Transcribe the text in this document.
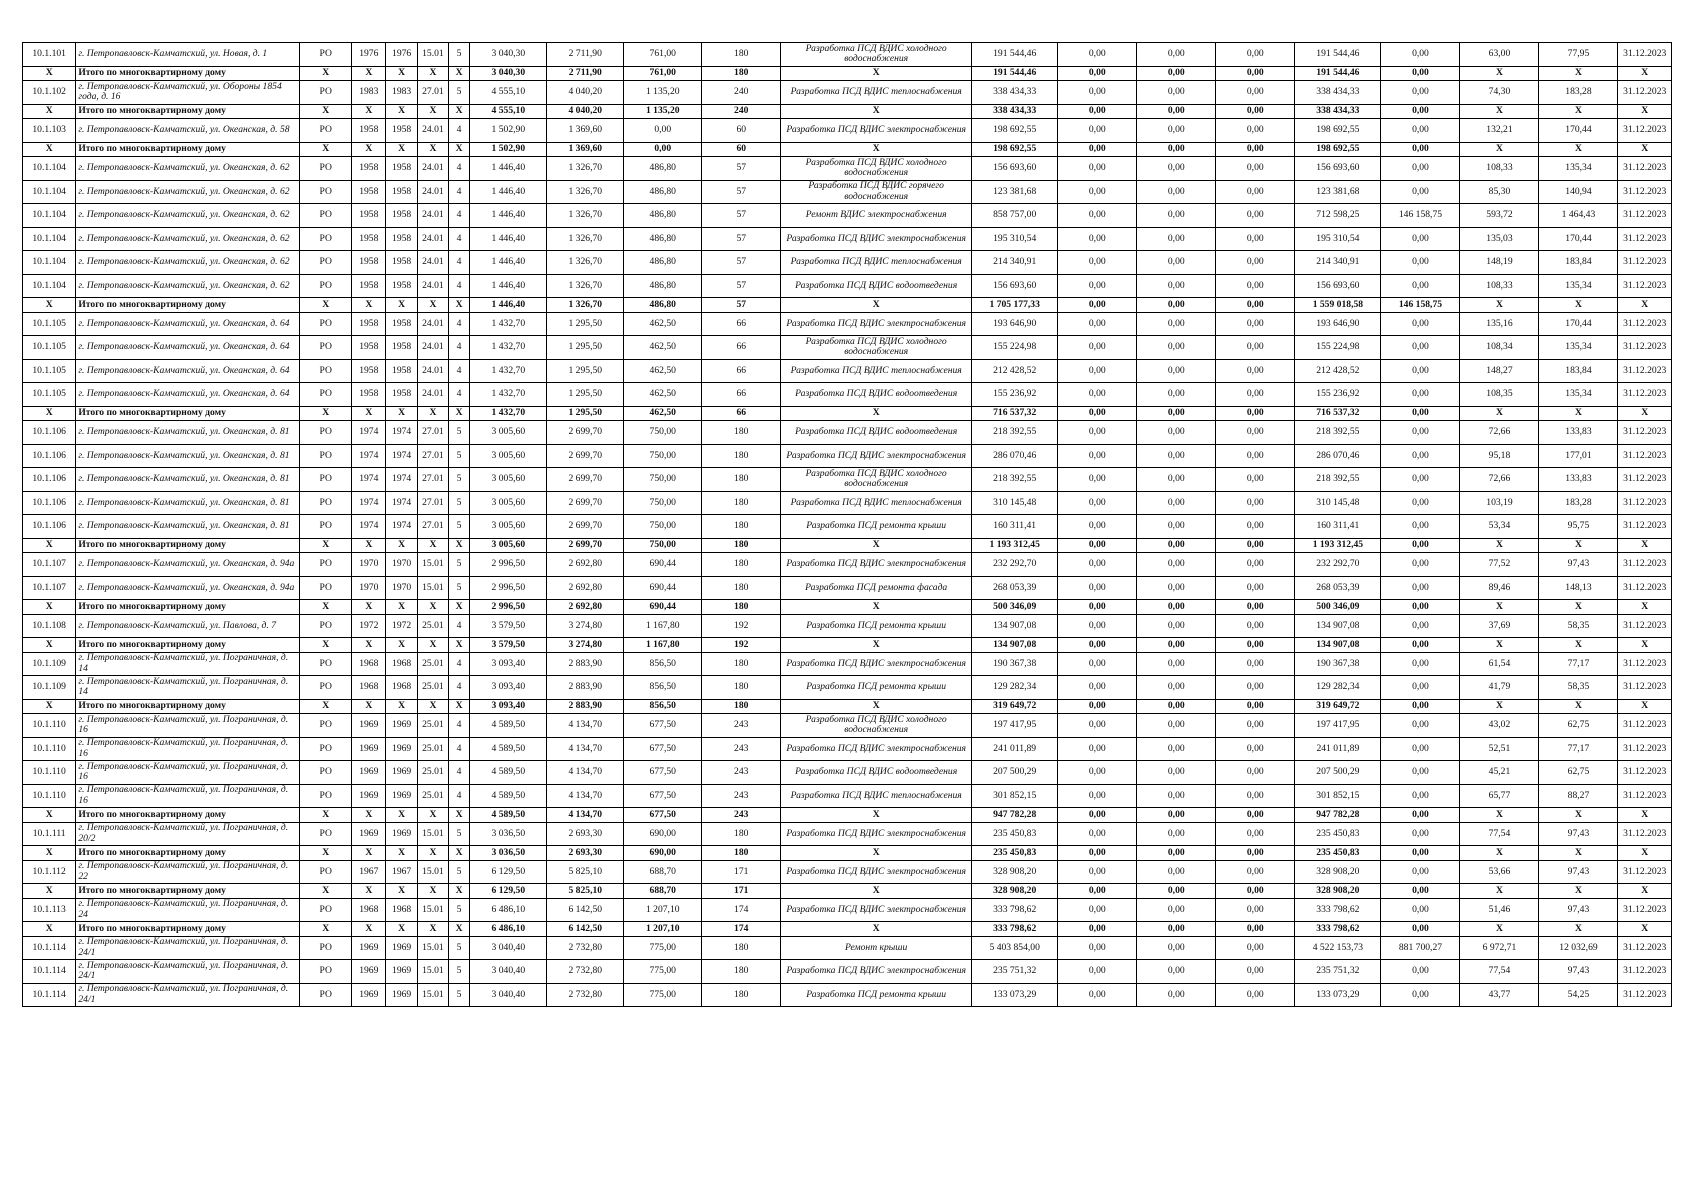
10.1.101	г. Петропавловск-Камчатский, ул. Новая, д. 1	РО	1976	1976	15.01	5	3 040,30	2 711,90	761,00	180	Разработка ПСД ВДИС холодного водоснабжения	191 544,46	0,00	0,00	0,00	191 544,46	0,00	63,00	77,95	31.12.2023
X	Итого по многоквартирному дому	X	X	X	X	X	3 040,30	2 711,90	761,00	180	X	191 544,46	0,00	0,00	0,00	191 544,46	0,00	X	X	X
10.1.102	г. Петропавловск-Камчатский, ул. Обороны 1854 года, д. 16	РО	1983	1983	27.01	5	4 555,10	4 040,20	1 135,20	240	Разработка ПСД ВДИС теплоснабжения	338 434,33	0,00	0,00	0,00	338 434,33	0,00	74,30	183,28	31.12.2023
X	Итого по многоквартирному дому	X	X	X	X	X	4 555,10	4 040,20	1 135,20	240	X	338 434,33	0,00	0,00	0,00	338 434,33	0,00	X	X	X
10.1.103	г. Петропавловск-Камчатский, ул. Океанская, д. 58	РО	1958	1958	24.01	4	1 502,90	1 369,60	0,00	60	Разработка ПСД ВДИС электроснабжения	198 692,55	0,00	0,00	0,00	198 692,55	0,00	132,21	170,44	31.12.2023
X	Итого по многоквартирному дому	X	X	X	X	X	1 502,90	1 369,60	0,00	60	X	198 692,55	0,00	0,00	0,00	198 692,55	0,00	X	X	X
10.1.104	г. Петропавловск-Камчатский, ул. Океанская, д. 62	РО	1958	1958	24.01	4	1 446,40	1 326,70	486,80	57	Разработка ПСД ВДИС холодного водоснабжения	156 693,60	0,00	0,00	0,00	156 693,60	0,00	108,33	135,34	31.12.2023
10.1.104	г. Петропавловск-Камчатский, ул. Океанская, д. 62	РО	1958	1958	24.01	4	1 446,40	1 326,70	486,80	57	Разработка ПСД ВДИС горячего водоснабжения	123 381,68	0,00	0,00	0,00	123 381,68	0,00	85,30	140,94	31.12.2023
10.1.104	г. Петропавловск-Камчатский, ул. Океанская, д. 62	РО	1958	1958	24.01	4	1 446,40	1 326,70	486,80	57	Ремонт ВДИС электроснабжения	858 757,00	0,00	0,00	0,00	712 598,25	146 158,75	593,72	1 464,43	31.12.2023
10.1.104	г. Петропавловск-Камчатский, ул. Океанская, д. 62	РО	1958	1958	24.01	4	1 446,40	1 326,70	486,80	57	Разработка ПСД ВДИС электроснабжения	195 310,54	0,00	0,00	0,00	195 310,54	0,00	135,03	170,44	31.12.2023
10.1.104	г. Петропавловск-Камчатский, ул. Океанская, д. 62	РО	1958	1958	24.01	4	1 446,40	1 326,70	486,80	57	Разработка ПСД ВДИС теплоснабжения	214 340,91	0,00	0,00	0,00	214 340,91	0,00	148,19	183,84	31.12.2023
10.1.104	г. Петропавловск-Камчатский, ул. Океанская, д. 62	РО	1958	1958	24.01	4	1 446,40	1 326,70	486,80	57	Разработка ПСД ВДИС водоотведения	156 693,60	0,00	0,00	0,00	156 693,60	0,00	108,33	135,34	31.12.2023
X	Итого по многоквартирному дому	X	X	X	X	X	1 446,40	1 326,70	486,80	57	X	1 705 177,33	0,00	0,00	0,00	1 559 018,58	146 158,75	X	X	X
10.1.105	г. Петропавловск-Камчатский, ул. Океанская, д. 64	РО	1958	1958	24.01	4	1 432,70	1 295,50	462,50	66	Разработка ПСД ВДИС электроснабжения	193 646,90	0,00	0,00	0,00	193 646,90	0,00	135,16	170,44	31.12.2023
10.1.105	г. Петропавловск-Камчатский, ул. Океанская, д. 64	РО	1958	1958	24.01	4	1 432,70	1 295,50	462,50	66	Разработка ПСД ВДИС холодного водоснабжения	155 224,98	0,00	0,00	0,00	155 224,98	0,00	108,34	135,34	31.12.2023
10.1.105	г. Петропавловск-Камчатский, ул. Океанская, д. 64	РО	1958	1958	24.01	4	1 432,70	1 295,50	462,50	66	Разработка ПСД ВДИС теплоснабжения	212 428,52	0,00	0,00	0,00	212 428,52	0,00	148,27	183,84	31.12.2023
10.1.105	г. Петропавловск-Камчатский, ул. Океанская, д. 64	РО	1958	1958	24.01	4	1 432,70	1 295,50	462,50	66	Разработка ПСД ВДИС водоотведения	155 236,92	0,00	0,00	0,00	155 236,92	0,00	108,35	135,34	31.12.2023
X	Итого по многоквартирному дому	X	X	X	X	X	1 432,70	1 295,50	462,50	66	X	716 537,32	0,00	0,00	0,00	716 537,32	0,00	X	X	X
10.1.106	г. Петропавловск-Камчатский, ул. Океанская, д. 81	РО	1974	1974	27.01	5	3 005,60	2 699,70	750,00	180	Разработка ПСД ВДИС водоотведения	218 392,55	0,00	0,00	0,00	218 392,55	0,00	72,66	133,83	31.12.2023
10.1.106	г. Петропавловск-Камчатский, ул. Океанская, д. 81	РО	1974	1974	27.01	5	3 005,60	2 699,70	750,00	180	Разработка ПСД ВДИС электроснабжения	286 070,46	0,00	0,00	0,00	286 070,46	0,00	95,18	177,01	31.12.2023
10.1.106	г. Петропавловск-Камчатский, ул. Океанская, д. 81	РО	1974	1974	27.01	5	3 005,60	2 699,70	750,00	180	Разработка ПСД ВДИС холодного водоснабжения	218 392,55	0,00	0,00	0,00	218 392,55	0,00	72,66	133,83	31.12.2023
10.1.106	г. Петропавловск-Камчатский, ул. Океанская, д. 81	РО	1974	1974	27.01	5	3 005,60	2 699,70	750,00	180	Разработка ПСД ВДИС теплоснабжения	310 145,48	0,00	0,00	0,00	310 145,48	0,00	103,19	183,28	31.12.2023
10.1.106	г. Петропавловск-Камчатский, ул. Океанская, д. 81	РО	1974	1974	27.01	5	3 005,60	2 699,70	750,00	180	Разработка ПСД ремонта крыши	160 311,41	0,00	0,00	0,00	160 311,41	0,00	53,34	95,75	31.12.2023
X	Итого по многоквартирному дому	X	X	X	X	X	3 005,60	2 699,70	750,00	180	X	1 193 312,45	0,00	0,00	0,00	1 193 312,45	0,00	X	X	X
10.1.107	г. Петропавловск-Камчатский, ул. Океанская, д. 94а	РО	1970	1970	15.01	5	2 996,50	2 692,80	690,44	180	Разработка ПСД ВДИС электроснабжения	232 292,70	0,00	0,00	0,00	232 292,70	0,00	77,52	97,43	31.12.2023
10.1.107	г. Петропавловск-Камчатский, ул. Океанская, д. 94а	РО	1970	1970	15.01	5	2 996,50	2 692,80	690,44	180	Разработка ПСД ремонта фасада	268 053,39	0,00	0,00	0,00	268 053,39	0,00	89,46	148,13	31.12.2023
X	Итого по многоквартирному дому	X	X	X	X	X	2 996,50	2 692,80	690,44	180	X	500 346,09	0,00	0,00	0,00	500 346,09	0,00	X	X	X
10.1.108	г. Петропавловск-Камчатский, ул. Павлова, д. 7	РО	1972	1972	25.01	4	3 579,50	3 274,80	1 167,80	192	Разработка ПСД ремонта крыши	134 907,08	0,00	0,00	0,00	134 907,08	0,00	37,69	58,35	31.12.2023
X	Итого по многоквартирному дому	X	X	X	X	X	3 579,50	3 274,80	1 167,80	192	X	134 907,08	0,00	0,00	0,00	134 907,08	0,00	X	X	X
10.1.109	г. Петропавловск-Камчатский, ул. Пограничная, д. 14	РО	1968	1968	25.01	4	3 093,40	2 883,90	856,50	180	Разработка ПСД ВДИС электроснабжения	190 367,38	0,00	0,00	0,00	190 367,38	0,00	61,54	77,17	31.12.2023
10.1.109	г. Петропавловск-Камчатский, ул. Пограничная, д. 14	РО	1968	1968	25.01	4	3 093,40	2 883,90	856,50	180	Разработка ПСД ремонта крыши	129 282,34	0,00	0,00	0,00	129 282,34	0,00	41,79	58,35	31.12.2023
X	Итого по многоквартирному дому	X	X	X	X	X	3 093,40	2 883,90	856,50	180	X	319 649,72	0,00	0,00	0,00	319 649,72	0,00	X	X	X
10.1.110	г. Петропавловск-Камчатский, ул. Пограничная, д. 16	РО	1969	1969	25.01	4	4 589,50	4 134,70	677,50	243	Разработка ПСД ВДИС холодного водоснабжения	197 417,95	0,00	0,00	0,00	197 417,95	0,00	43,02	62,75	31.12.2023
10.1.110	г. Петропавловск-Камчатский, ул. Пограничная, д. 16	РО	1969	1969	25.01	4	4 589,50	4 134,70	677,50	243	Разработка ПСД ВДИС электроснабжения	241 011,89	0,00	0,00	0,00	241 011,89	0,00	52,51	77,17	31.12.2023
10.1.110	г. Петропавловск-Камчатский, ул. Пограничная, д. 16	РО	1969	1969	25.01	4	4 589,50	4 134,70	677,50	243	Разработка ПСД ВДИС водоотведения	207 500,29	0,00	0,00	0,00	207 500,29	0,00	45,21	62,75	31.12.2023
10.1.110	г. Петропавловск-Камчатский, ул. Пограничная, д. 16	РО	1969	1969	25.01	4	4 589,50	4 134,70	677,50	243	Разработка ПСД ВДИС теплоснабжения	301 852,15	0,00	0,00	0,00	301 852,15	0,00	65,77	88,27	31.12.2023
X	Итого по многоквартирному дому	X	X	X	X	X	4 589,50	4 134,70	677,50	243	X	947 782,28	0,00	0,00	0,00	947 782,28	0,00	X	X	X
10.1.111	г. Петропавловск-Камчатский, ул. Пограничная, д. 20/2	РО	1969	1969	15.01	5	3 036,50	2 693,30	690,00	180	Разработка ПСД ВДИС электроснабжения	235 450,83	0,00	0,00	0,00	235 450,83	0,00	77,54	97,43	31.12.2023
X	Итого по многоквартирному дому	X	X	X	X	X	3 036,50	2 693,30	690,00	180	X	235 450,83	0,00	0,00	0,00	235 450,83	0,00	X	X	X
10.1.112	г. Петропавловск-Камчатский, ул. Пограничная, д. 22	РО	1967	1967	15.01	5	6 129,50	5 825,10	688,70	171	Разработка ПСД ВДИС электроснабжения	328 908,20	0,00	0,00	0,00	328 908,20	0,00	53,66	97,43	31.12.2023
X	Итого по многоквартирному дому	X	X	X	X	X	6 129,50	5 825,10	688,70	171	X	328 908,20	0,00	0,00	0,00	328 908,20	0,00	X	X	X
10.1.113	г. Петропавловск-Камчатский, ул. Пограничная, д. 24	РО	1968	1968	15.01	5	6 486,10	6 142,50	1 207,10	174	Разработка ПСД ВДИС электроснабжения	333 798,62	0,00	0,00	0,00	333 798,62	0,00	51,46	97,43	31.12.2023
X	Итого по многоквартирному дому	X	X	X	X	X	6 486,10	6 142,50	1 207,10	174	X	333 798,62	0,00	0,00	0,00	333 798,62	0,00	X	X	X
10.1.114	г. Петропавловск-Камчатский, ул. Пограничная, д. 24/1	РО	1969	1969	15.01	5	3 040,40	2 732,80	775,00	180	Ремонт крыши	5 403 854,00	0,00	0,00	0,00	4 522 153,73	881 700,27	6 972,71	12 032,69	31.12.2023
10.1.114	г. Петропавловск-Камчатский, ул. Пограничная, д. 24/1	РО	1969	1969	15.01	5	3 040,40	2 732,80	775,00	180	Разработка ПСД ВДИС электроснабжения	235 751,32	0,00	0,00	0,00	235 751,32	0,00	77,54	97,43	31.12.2023
10.1.114	г. Петропавловск-Камчатский, ул. Пограничная, д. 24/1	РО	1969	1969	15.01	5	3 040,40	2 732,80	775,00	180	Разработка ПСД ремонта крыши	133 073,29	0,00	0,00	0,00	133 073,29	0,00	43,77	54,25	31.12.2023
